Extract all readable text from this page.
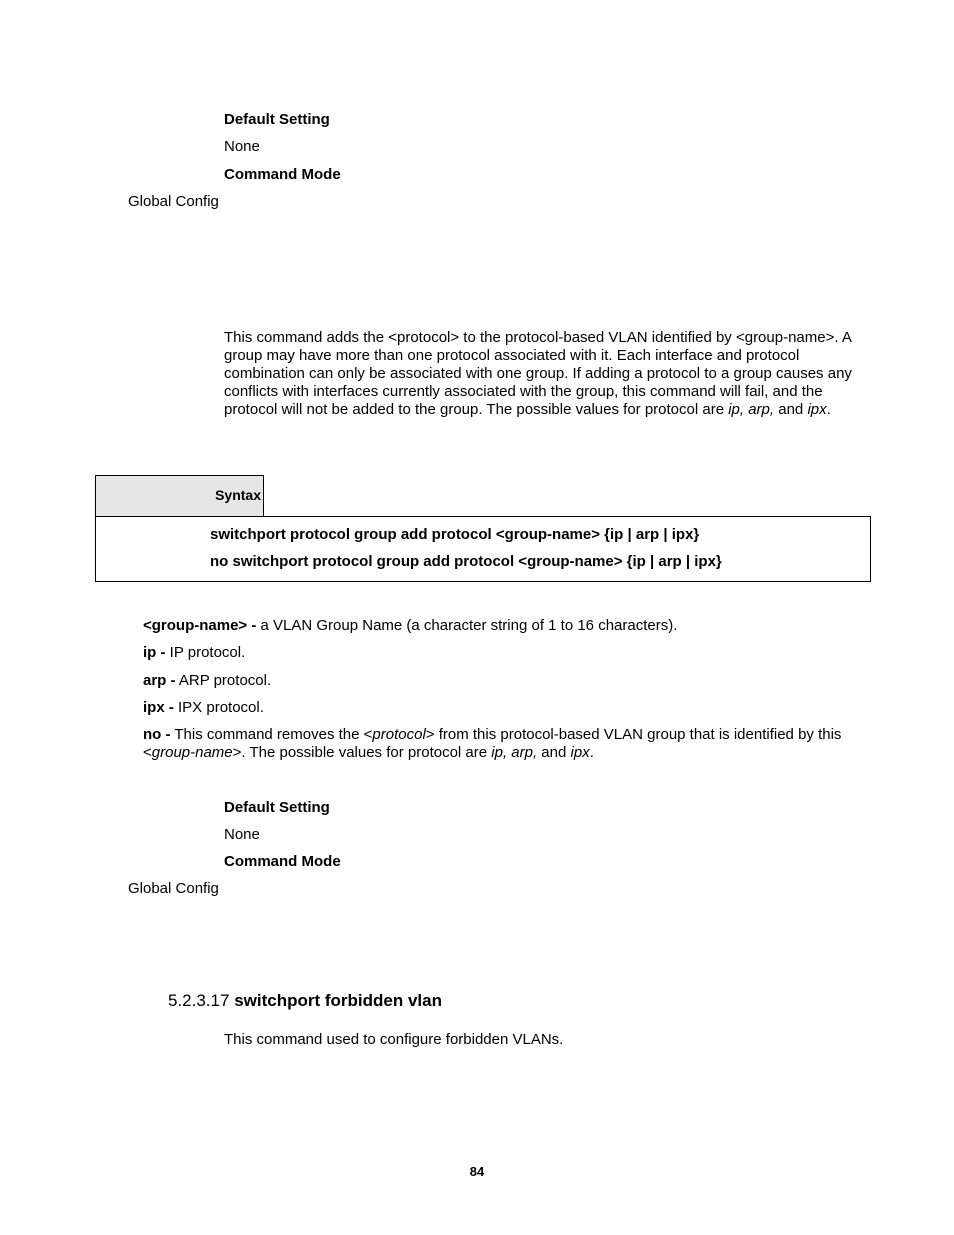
Default Setting
None
Command Mode
Global Config
This command adds the <protocol> to the protocol-based VLAN identified by <group-name>. A group may have more than one protocol associated with it. Each interface and protocol combination can only be associated with one group. If adding a protocol to a group causes any conflicts with interfaces currently associated with the group, this command will fail, and the protocol will not be added to the group. The possible values for protocol are ip, arp, and ipx.
Syntax
switchport protocol group add protocol <group-name> {ip | arp | ipx}
no switchport protocol group add protocol <group-name> {ip | arp | ipx}
<group-name> - a VLAN Group Name (a character string of 1 to 16 characters).
ip - IP protocol.
arp - ARP protocol.
ipx - IPX protocol.
no - This command removes the <protocol> from this protocol-based VLAN group that is identified by this <group-name>. The possible values for protocol are ip, arp, and ipx.
Default Setting
None
Command Mode
Global Config
5.2.3.17 switchport forbidden vlan
This command used to configure forbidden VLANs.
84
